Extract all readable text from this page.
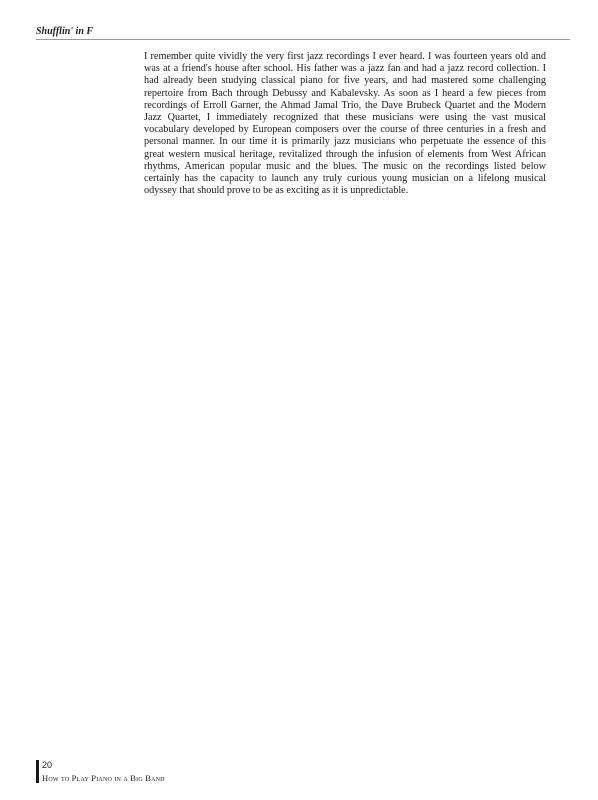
Shufflin' in F

I remember quite vividly the very first jazz recordings I ever heard. I was fourteen years old and was at a friend's house after school. His father was a jazz fan and had a jazz record collection. I had already been studying classical piano for five years, and had mastered some challenging repertoire from Bach through Debussy and Kabalevsky. As soon as I heard a few pieces from recordings of Erroll Garner, the Ahmad Jamal Trio, the Dave Brubeck Quartet and the Modern Jazz Quartet, I immediately recognized that these musicians were using the vast musical vocabulary developed by European composers over the course of three centuries in a fresh and personal manner. In our time it is primarily jazz musicians who perpetuate the essence of this great western musical heritage, revitalized through the infusion of elements from West African rhythms, American popular music and the blues. The music on the recordings listed below certainly has the capacity to launch any truly curious young musician on a lifelong musical odyssey that should prove to be as exciting as it is unpredictable.

20
How to Play Piano in a Big Band
